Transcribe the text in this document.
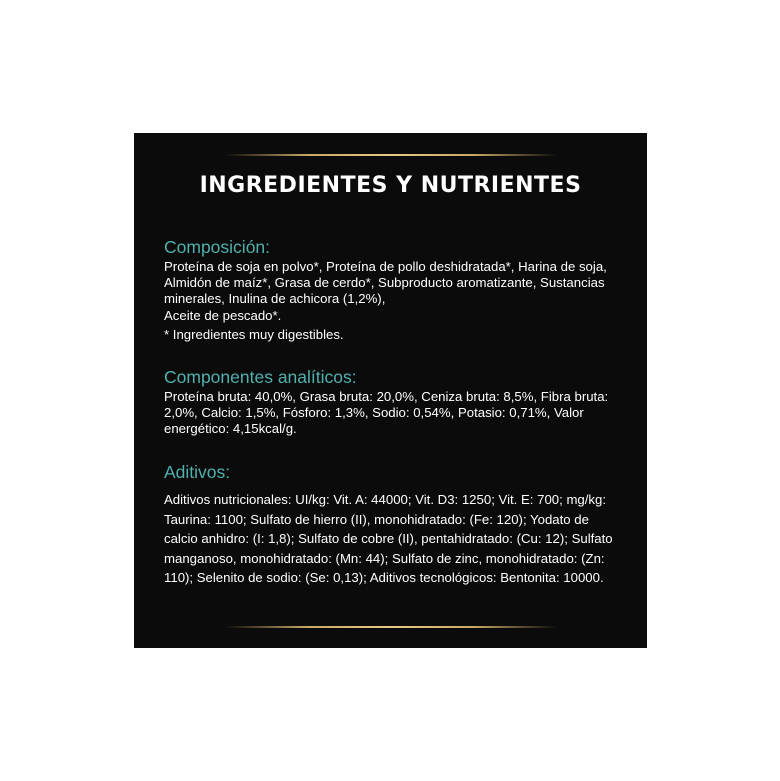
INGREDIENTES Y NUTRIENTES
Composición:

Proteína de soja en polvo*, Proteína de pollo deshidratada*, Harina de soja, Almidón de maíz*, Grasa de cerdo*, Subproducto aromatizante, Sustancias minerales, Inulina de achicora (1,2%),

Aceite de pescado*.

* Ingredientes muy digestibles.

Componentes analíticos:

Proteína bruta: 40,0%, Grasa bruta: 20,0%, Ceniza bruta: 8,5%, Fibra bruta: 2,0%, Calcio: 1,5%, Fósforo: 1,3%, Sodio: 0,54%, Potasio: 0,71%, Valor energético: 4,15kcal/g.

Aditivos:

Aditivos nutricionales: UI/kg: Vit. A: 44000; Vit. D3: 1250; Vit. E: 700; mg/kg: Taurina: 1100; Sulfato de hierro (II), monohidratado: (Fe: 120); Yodato de calcio anhidro: (I: 1,8); Sulfato de cobre (II), pentahidratado: (Cu: 12); Sulfato manganoso, monohidratado: (Mn: 44); Sulfato de zinc, monohidratado: (Zn: 110); Selenito de sodio: (Se: 0,13); Aditivos tecnológicos: Bentonita: 10000.
